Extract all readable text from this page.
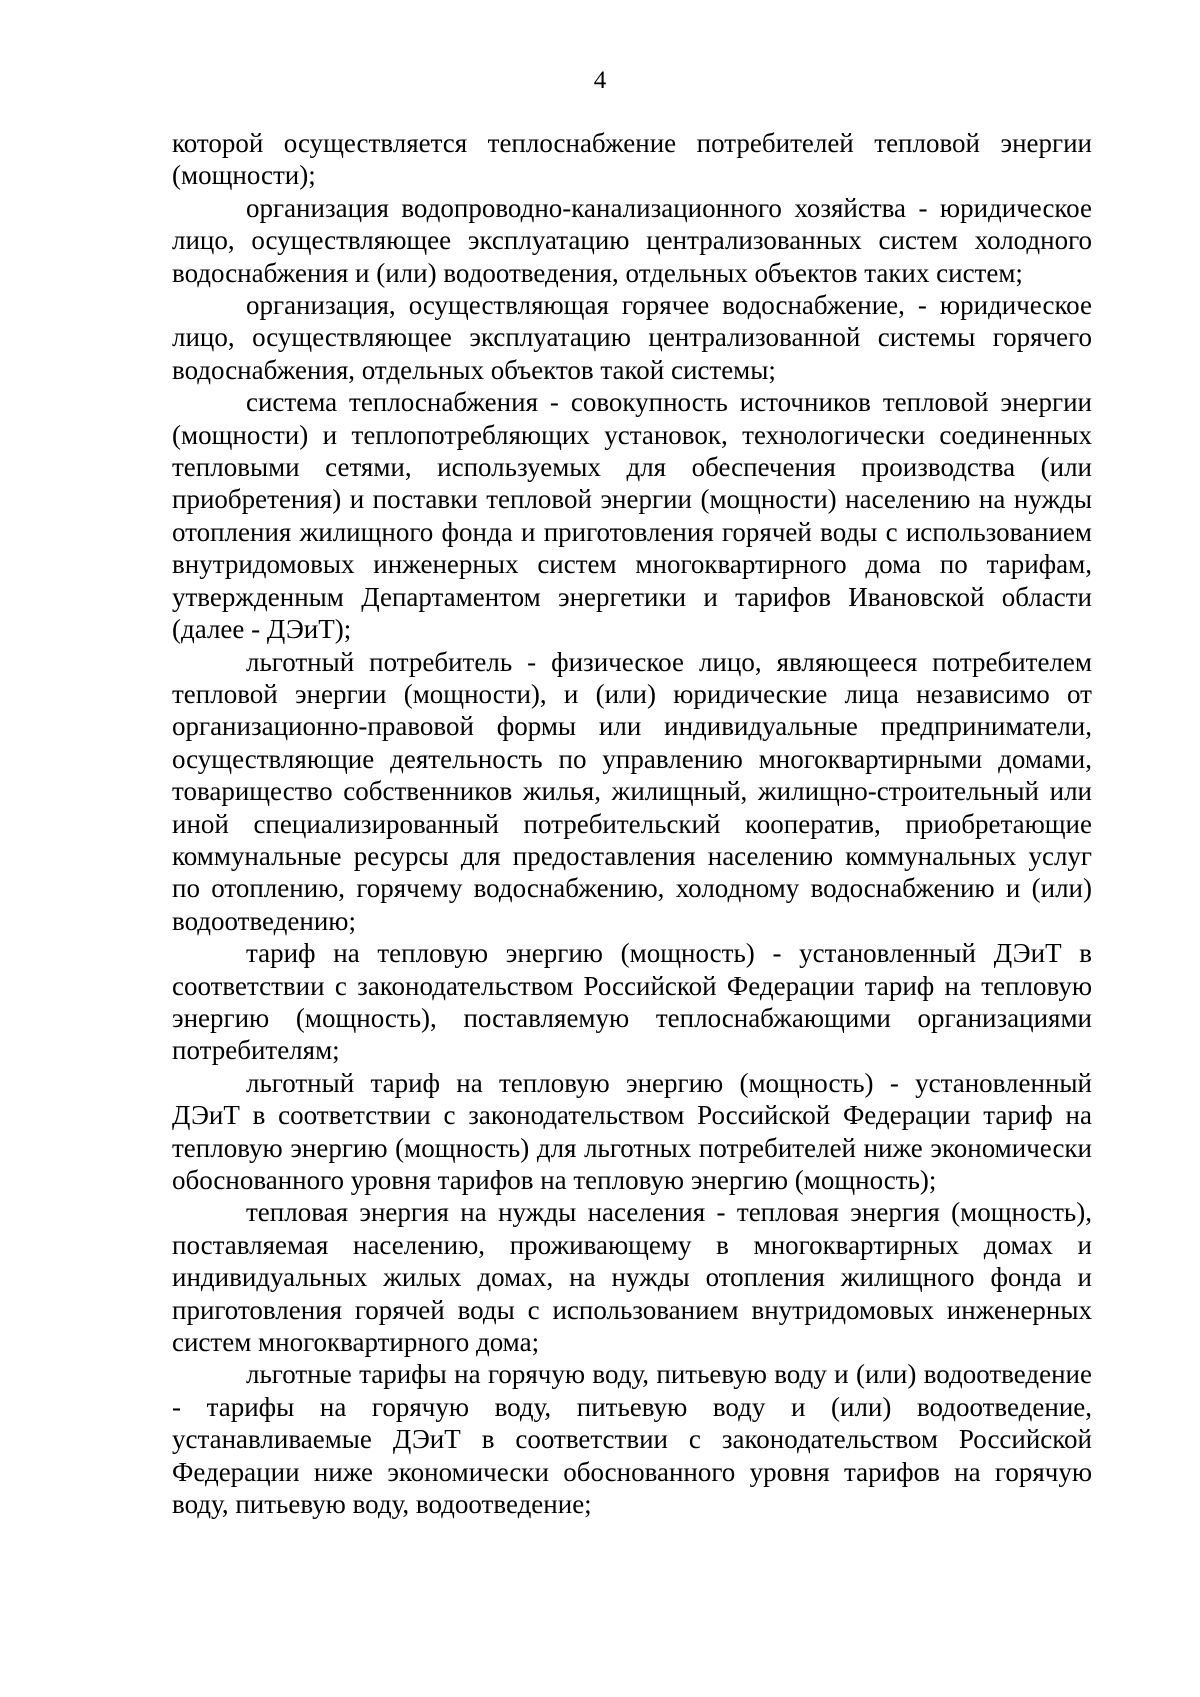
4

которой осуществляется теплоснабжение потребителей тепловой энергии (мощности);

организация водопроводно-канализационного хозяйства - юридическое лицо, осуществляющее эксплуатацию централизованных систем холодного водоснабжения и (или) водоотведения, отдельных объектов таких систем;

организация, осуществляющая горячее водоснабжение, - юридическое лицо, осуществляющее эксплуатацию централизованной системы горячего водоснабжения, отдельных объектов такой системы;

система теплоснабжения - совокупность источников тепловой энергии (мощности) и теплопотребляющих установок, технологически соединенных тепловыми сетями, используемых для обеспечения производства (или приобретения) и поставки тепловой энергии (мощности) населению на нужды отопления жилищного фонда и приготовления горячей воды с использованием внутридомовых инженерных систем многоквартирного дома по тарифам, утвержденным Департаментом энергетики и тарифов Ивановской области (далее - ДЭиТ);

льготный потребитель - физическое лицо, являющееся потребителем тепловой энергии (мощности), и (или) юридические лица независимо от организационно-правовой формы или индивидуальные предприниматели, осуществляющие деятельность по управлению многоквартирными домами, товарищество собственников жилья, жилищный, жилищно-строительный или иной специализированный потребительский кооператив, приобретающие коммунальные ресурсы для предоставления населению коммунальных услуг по отоплению, горячему водоснабжению, холодному водоснабжению и (или) водоотведению;

тариф на тепловую энергию (мощность) - установленный ДЭиТ в соответствии с законодательством Российской Федерации тариф на тепловую энергию (мощность), поставляемую теплоснабжающими организациями потребителям;

льготный тариф на тепловую энергию (мощность) - установленный ДЭиТ в соответствии с законодательством Российской Федерации тариф на тепловую энергию (мощность) для льготных потребителей ниже экономически обоснованного уровня тарифов на тепловую энергию (мощность);

тепловая энергия на нужды населения - тепловая энергия (мощность), поставляемая населению, проживающему в многоквартирных домах и индивидуальных жилых домах, на нужды отопления жилищного фонда и приготовления горячей воды с использованием внутридомовых инженерных систем многоквартирного дома;

льготные тарифы на горячую воду, питьевую воду и (или) водоотведение - тарифы на горячую воду, питьевую воду и (или) водоотведение, устанавливаемые ДЭиТ в соответствии с законодательством Российской Федерации ниже экономически обоснованного уровня тарифов на горячую воду, питьевую воду, водоотведение;
